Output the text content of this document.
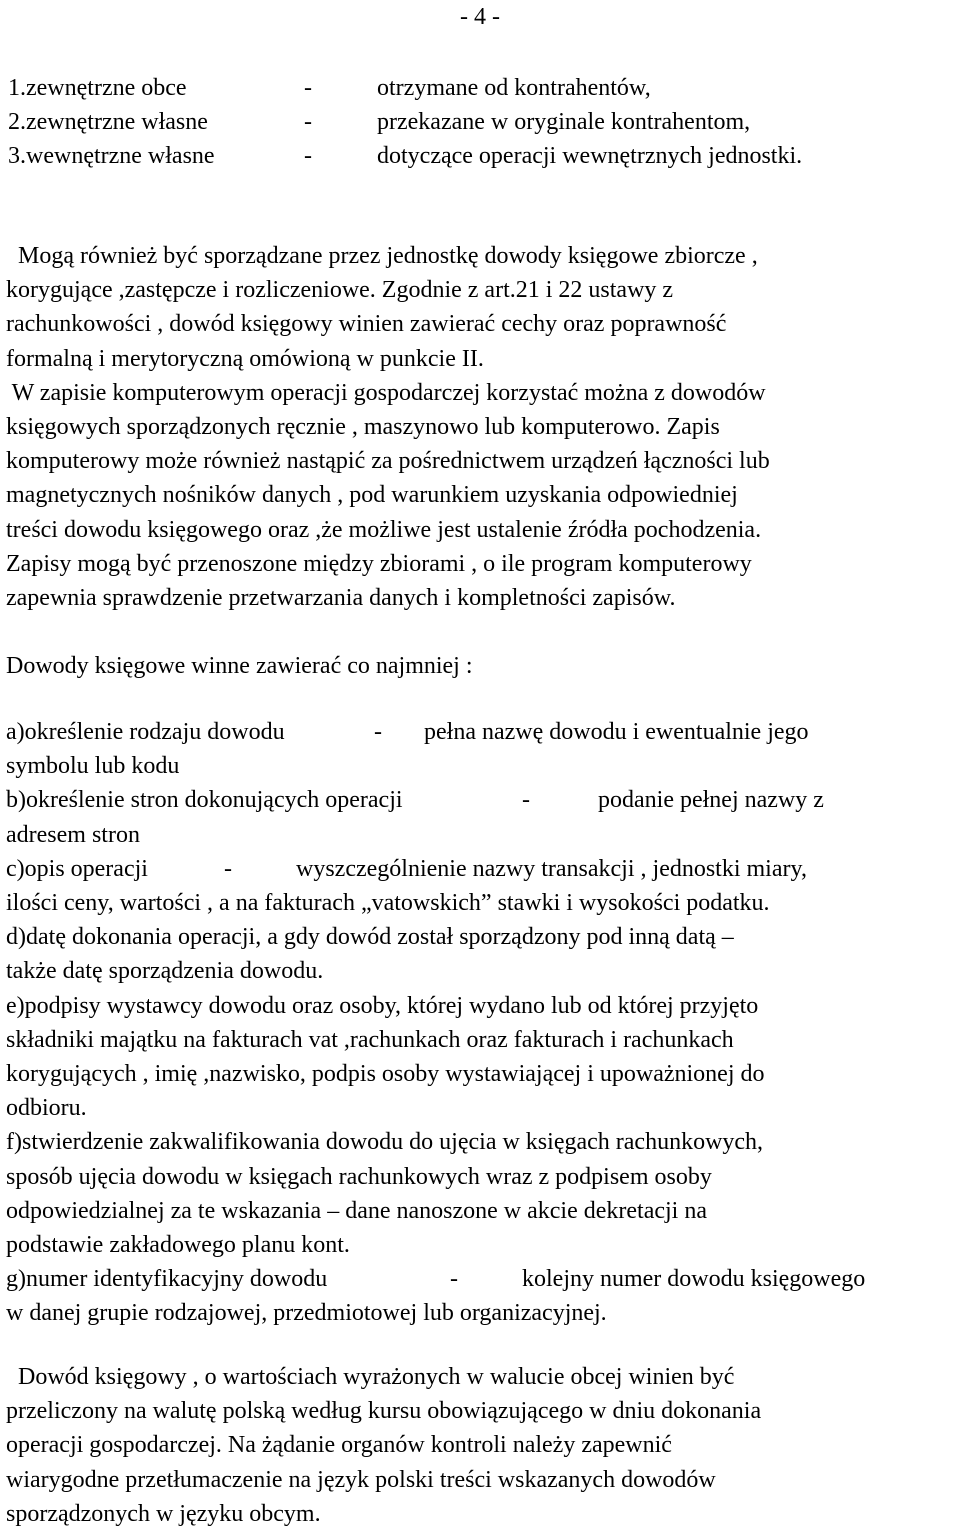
- 4 -
1.zewnętrzne obce	-	otrzymane od kontrahentów,
2.zewnętrzne własne	-	przekazane w oryginale kontrahentom,
3.wewnętrzne własne	-	dotyczące operacji wewnętrznych jednostki.
Mogą również być sporządzane przez jednostkę dowody księgowe zbiorcze ,
korygujące ,zastępcze i rozliczeniowe. Zgodnie z art.21 i 22 ustawy z
rachunkowości , dowód księgowy winien zawierać cechy oraz poprawność
formalną i merytoryczną omówioną w punkcie II.
W zapisie komputerowym operacji gospodarczej korzystać można z dowodów
księgowych sporządzonych ręcznie , maszynowo lub komputerowo. Zapis
komputerowy może również nastąpić za pośrednictwem urządzeń łączności lub
magnetycznych nośników danych , pod warunkiem uzyskania odpowiedniej
treści dowodu księgowego oraz ,że możliwe jest ustalenie źródła pochodzenia.
Zapisy mogą być przenoszone między zbiorami , o ile program komputerowy
zapewnia sprawdzenie przetwarzania danych i kompletności zapisów.
Dowody księgowe winne zawierać co najmniej :
a)określenie rodzaju dowodu	- pełna nazwę dowodu i ewentualnie jego
symbolu lub kodu
b)określenie stron dokonujących operacji	-	podanie pełnej nazwy z
adresem stron
c)opis operacji	-	wyszczególnienie nazwy transakcji , jednostki miary,
ilości ceny, wartości , a na fakturach „vatowskich” stawki i wysokości podatku.
d)datę dokonania operacji, a gdy dowód został sporządzony pod inną datą –
także datę sporządzenia dowodu.
e)podpisy wystawcy dowodu oraz osoby, której wydano lub od której przyjęto
składniki majątku na fakturach vat ,rachunkach oraz fakturach i rachunkach
korygujących , imię ,nazwisko, podpis osoby wystawiającej i upoważnionej do
odbioru.
f)stwierdzenie zakwalifikowania dowodu do ujęcia w księgach rachunkowych,
sposób ujęcia dowodu w księgach rachunkowych wraz z podpisem osoby
odpowiedzialnej za te wskazania – dane nanoszone w akcie dekretacji na
podstawie zakładowego planu kont.
g)numer identyfikacyjny dowodu	-	kolejny numer dowodu księgowego
w danej grupie rodzajowej, przedmiotowej lub organizacyjnej.
Dowód księgowy , o wartościach wyrażonych w walucie obcej winien być
przeliczony na walutę polską według kursu obowiązującego w dniu dokonania
operacji gospodarczej. Na żądanie organów kontroli należy zapewnić
wiarygodne przetłumaczenie na język polski treści wskazanych dowodów
sporządzonych w języku obcym.
